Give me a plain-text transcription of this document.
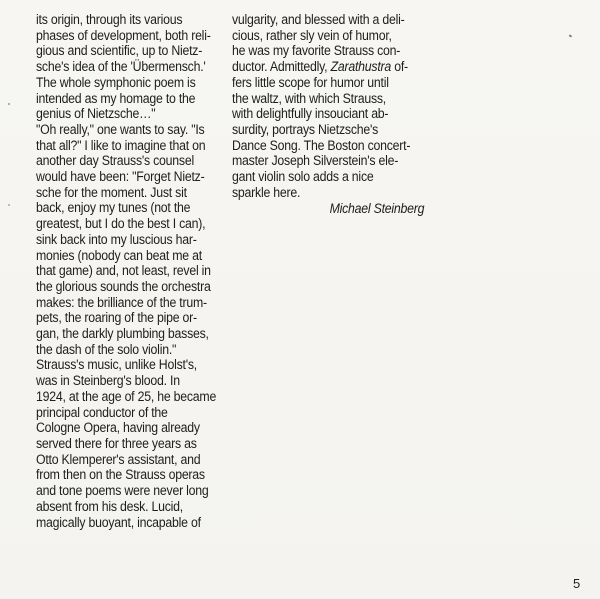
its origin, through its various
phases of development, both reli-
gious and scientific, up to Nietz-
sche's idea of the 'Übermensch.'
The whole symphonic poem is
intended as my homage to the
genius of Nietzsche…"
"Oh really," one wants to say. "Is
that all?" I like to imagine that on
another day Strauss's counsel
would have been: "Forget Nietz-
sche for the moment. Just sit
back, enjoy my tunes (not the
greatest, but I do the best I can),
sink back into my luscious har-
monies (nobody can beat me at
that game) and, not least, revel in
the glorious sounds the orchestra
makes: the brilliance of the trum-
pets, the roaring of the pipe or-
gan, the darkly plumbing basses,
the dash of the solo violin."
Strauss's music, unlike Holst's,
was in Steinberg's blood. In
1924, at the age of 25, he became
principal conductor of the
Cologne Opera, having already
served there for three years as
Otto Klemperer's assistant, and
from then on the Strauss operas
and tone poems were never long
absent from his desk. Lucid,
magically buoyant, incapable of
vulgarity, and blessed with a deli-
cious, rather sly vein of humor,
he was my favorite Strauss con-
ductor. Admittedly, Zarathustra of-
fers little scope for humor until
the waltz, with which Strauss,
with delightfully insouciant ab-
surdity, portrays Nietzsche's
Dance Song. The Boston concert-
master Joseph Silverstein's ele-
gant violin solo adds a nice
sparkle here.
Michael Steinberg
5
